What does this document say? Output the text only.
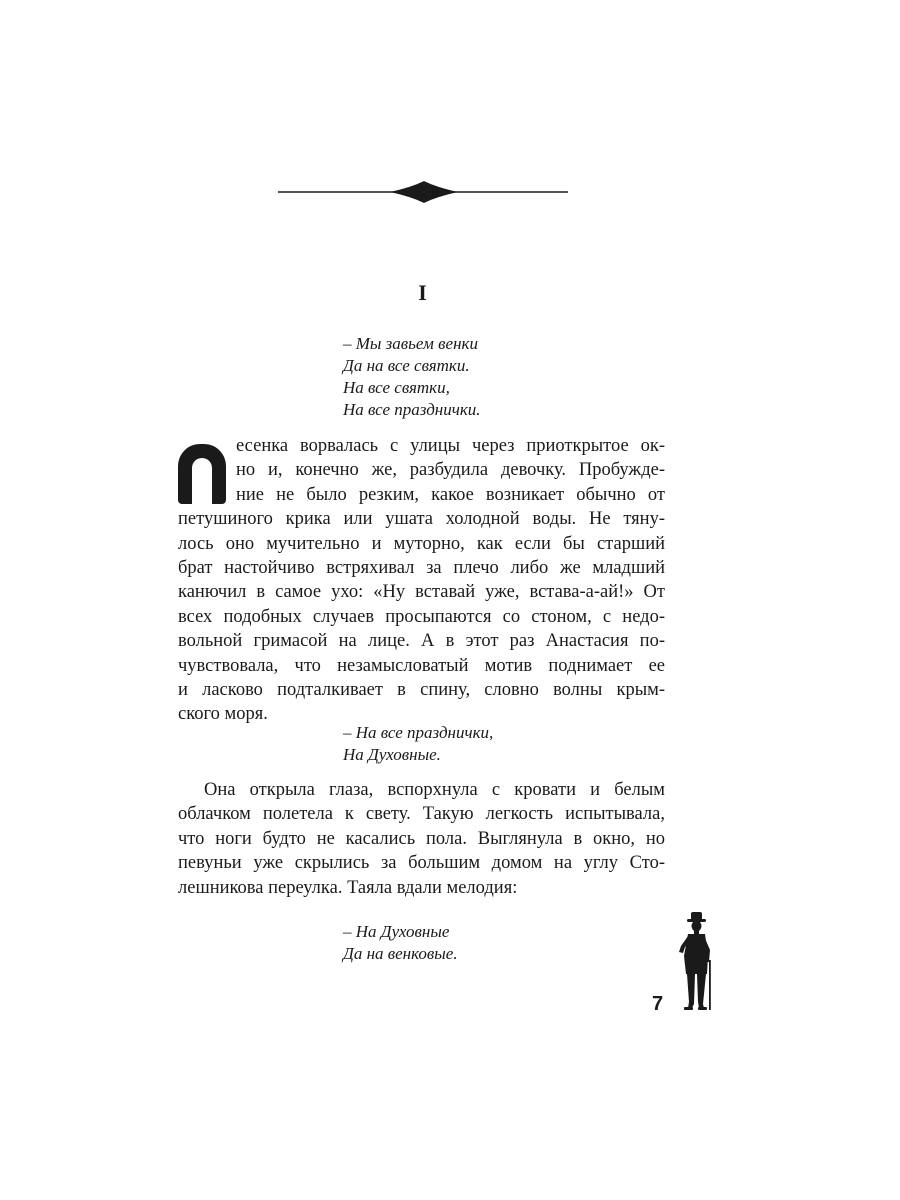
I
– Мы завьем венки
Да на все святки.
На все святки,
На все празднички.
есенка ворвалась с улицы через приоткрытое ок-
но и, конечно же, разбудила девочку. Пробужде-
ние не было резким, какое возникает обычно от
петушиного крика или ушата холодной воды. Не тяну-
лось оно мучительно и муторно, как если бы старший
брат настойчиво встряхивал за плечо либо же младший
канючил в самое ухо: «Ну вставай уже, встава-а-ай!» От
всех подобных случаев просыпаются со стоном, с недо-
вольной гримасой на лице. А в этот раз Анастасия по-
чувствовала, что незамысловатый мотив поднимает ее
и ласково подталкивает в спину, словно волны крым-
ского моря.
– На все празднички,
На Духовные.
Она открыла глаза, вспорхнула с кровати и белым
облачком полетела к свету. Такую легкость испытывала,
что ноги будто не касались пола. Выглянула в окно, но
певуньи уже скрылись за большим домом на углу Сто-
лешникова переулка. Таяла вдали мелодия:
– На Духовные
Да на венковые.
7
